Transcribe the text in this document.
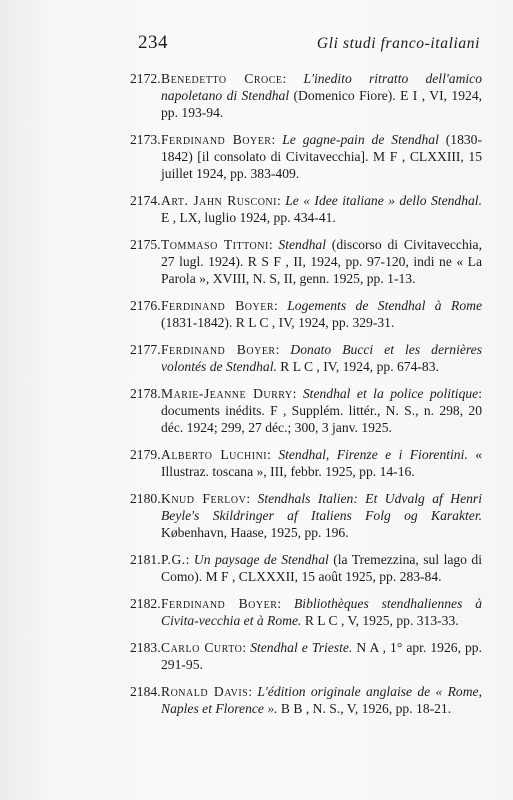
234	Gli studi franco-italiani
2172. Benedetto Croce: L'inedito ritratto dell'amico napoletano di Stendhal (Domenico Fiore). E I , VI, 1924, pp. 193-94.
2173. Ferdinand Boyer: Le gagne-pain de Stendhal (1830-1842) [il consolato di Civitavecchia]. M F , CLXXIII, 15 juillet 1924, pp. 383-409.
2174. Art. Jahn Rusconi: Le « Idee italiane » dello Stendhal. E , LX, luglio 1924, pp. 434-41.
2175. Tommaso Tittoni: Stendhal (discorso di Civitavecchia, 27 lugl. 1924). R S F , II, 1924, pp. 97-120, indi ne « La Parola », XVIII, N. S, II, genn. 1925, pp. 1-13.
2176. Ferdinand Boyer: Logements de Stendhal à Rome (1831-1842). R L C , IV, 1924, pp. 329-31.
2177. Ferdinand Boyer: Donato Bucci et les dernières volontés de Stendhal. R L C , IV, 1924, pp. 674-83.
2178. Marie-Jeanne Durry: Stendhal et la police politique: documents inédits. F , Supplém. littér., N. S., n. 298, 20 déc. 1924; 299, 27 déc.; 300, 3 janv. 1925.
2179. Alberto Luchini: Stendhal, Firenze e i Fiorentini. « Illustraz. toscana », III, febbr. 1925, pp. 14-16.
2180. Knud Ferlov: Stendhals Italien: Et Udvalg af Henri Beyle's Skildringer af Italiens Folg og Karakter. København, Haase, 1925, pp. 196.
2181. P.G.: Un paysage de Stendhal (la Tremezzina, sul lago di Como). M F , CLXXXII, 15 août 1925, pp. 283-84.
2182. Ferdinand Boyer: Bibliothèques stendhaliennes à Civita-vecchia et à Rome. R L C , V, 1925, pp. 313-33.
2183. Carlo Curto: Stendhal e Trieste. N A , 1° apr. 1926, pp. 291-95.
2184. Ronald Davis: L'édition originale anglaise de « Rome, Naples et Florence ». B B , N. S., V, 1926, pp. 18-21.
